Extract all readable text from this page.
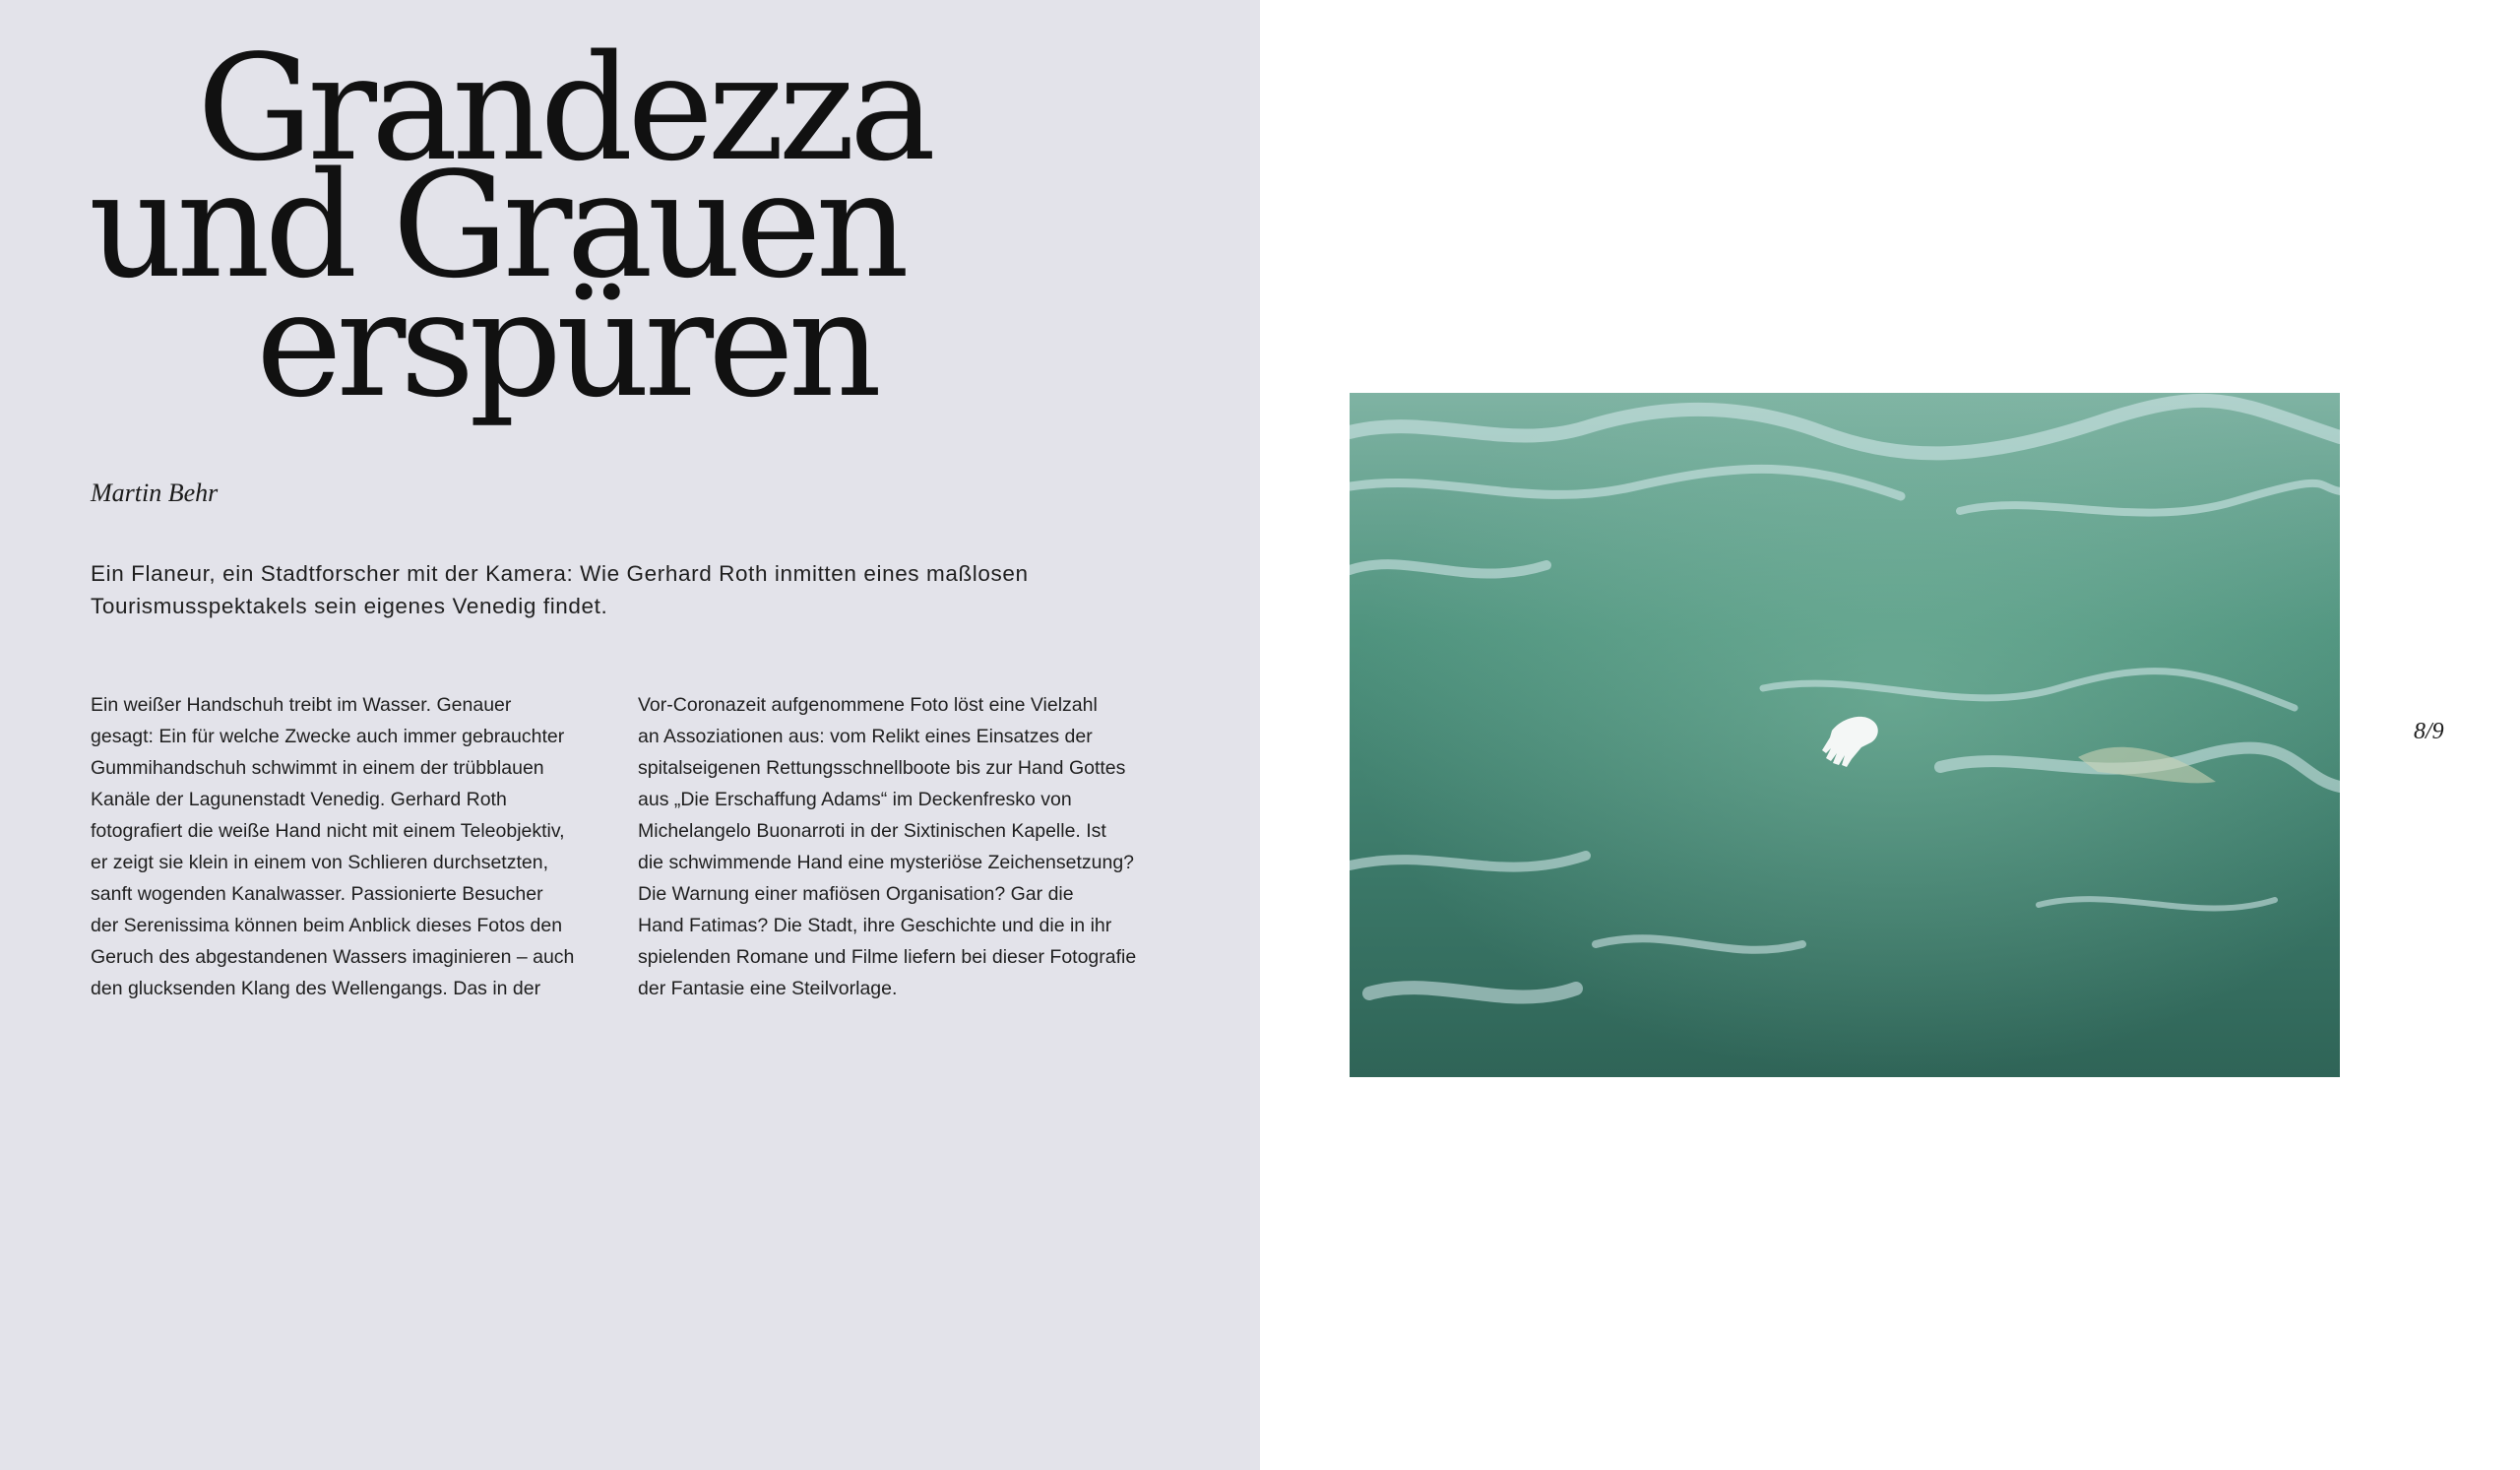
Grandezza
und Grauen
erspüren
Martin Behr

Ein Flaneur, ein Stadtforscher mit der Kamera: Wie Gerhard Roth inmitten eines maßlosen Tourismusspektakels sein eigenes Venedig findet.

Ein weißer Handschuh treibt im Wasser. Genauer
gesagt: Ein für welche Zwecke auch immer gebrauchter
Gummihandschuh schwimmt in einem der trübblauen
Kanäle der Lagunenstadt Venedig. Gerhard Roth
fotografiert die weiße Hand nicht mit einem Teleobjektiv,
er zeigt sie klein in einem von Schlieren durchsetzten,
sanft wogenden Kanalwasser. Passionierte Besucher
der Serenissima können beim Anblick dieses Fotos den
Geruch des abgestandenen Wassers imaginieren – auch
den glucksenden Klang des Wellengangs. Das in der

Vor-Coronazeit aufgenommene Foto löst eine Vielzahl
an Assoziationen aus: vom Relikt eines Einsatzes der
spitalseigenen Rettungsschnellboote bis zur Hand Gottes
aus „Die Erschaffung Adams“ im Deckenfresko von
Michelangelo Buonarroti in der Sixtinischen Kapelle. Ist
die schwimmende Hand eine mysteriöse Zeichensetzung?
Die Warnung einer mafiösen Organisation? Gar die
Hand Fatimas? Die Stadt, ihre Geschichte und die in ihr
spielenden Romane und Filme liefern bei dieser Fotografie
der Fantasie eine Steilvorlage.

8/9
